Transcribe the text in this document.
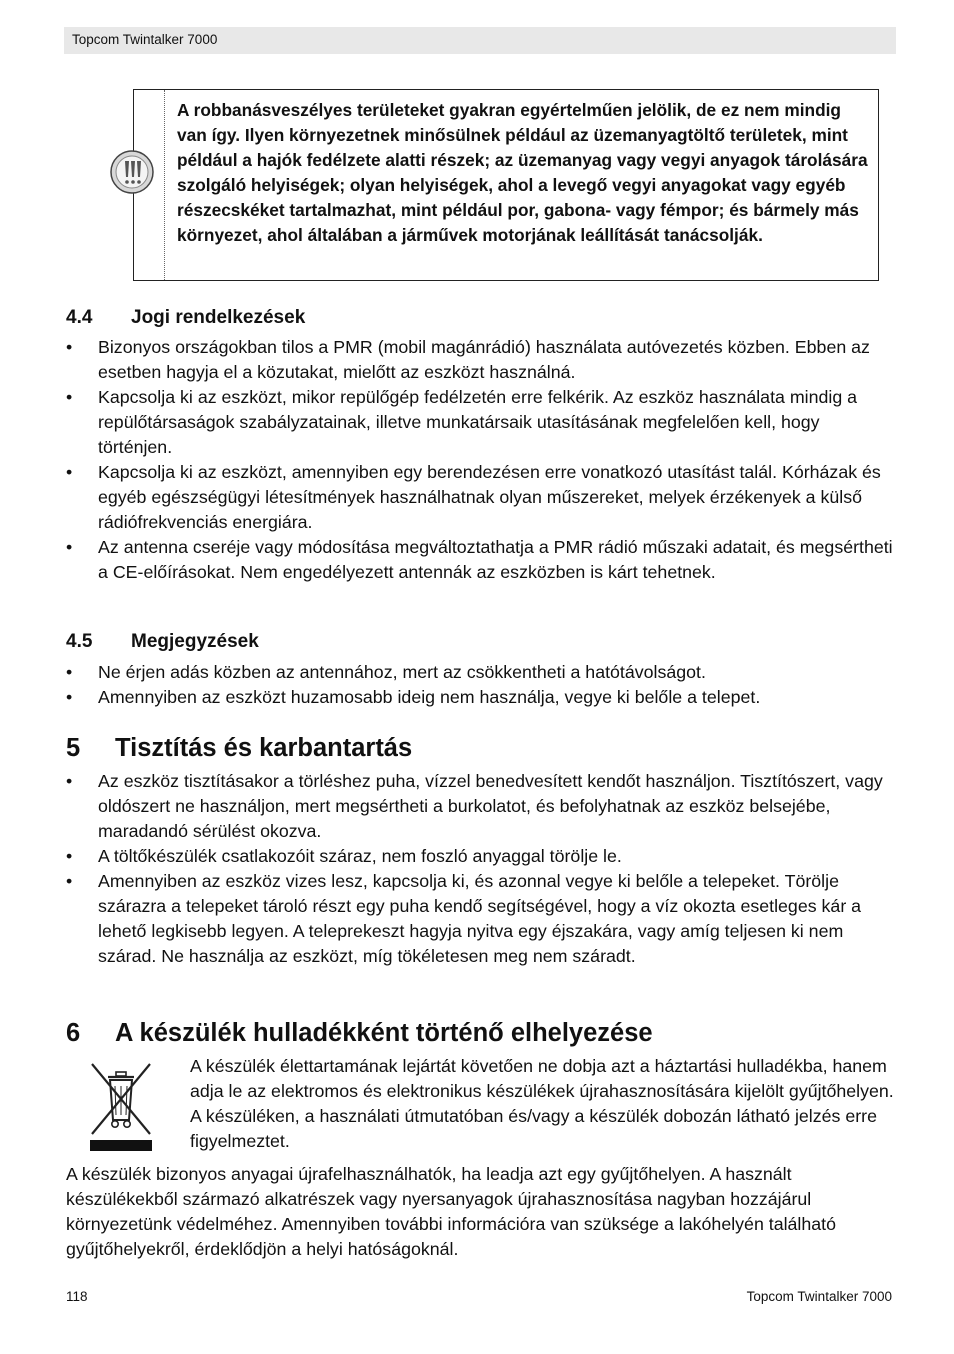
Topcom Twintalker 7000
A robbanásveszélyes területeket gyakran egyértelműen jelölik, de ez nem mindig van így. Ilyen környezetnek minősülnek például az üzemanyagtöltő területek, mint például a hajók fedélzete alatti részek; az üzemanyag vagy vegyi anyagok tárolására szolgáló helyiségek; olyan helyiségek, ahol a levegő vegyi anyagokat vagy egyéb részecskéket tartalmazhat, mint például por, gabona- vagy fémpor; és bármely más környezet, ahol általában a járművek motorjának leállítását tanácsolják.
4.4 Jogi rendelkezések
• Bizonyos országokban tilos a PMR (mobil magánrádió) használata autóvezetés közben. Ebben az esetben hagyja el a közutakat, mielőtt az eszközt használná.
• Kapcsolja ki az eszközt, mikor repülőgép fedélzetén erre felkérik. Az eszköz használata mindig a repülőtársaságok szabályzatainak, illetve munkatársaik utasításának megfelelően kell, hogy történjen.
• Kapcsolja ki az eszközt, amennyiben egy berendezésen erre vonatkozó utasítást talál. Kórházak és egyéb egészségügyi létesítmények használhatnak olyan műszereket, melyek érzékenyek a külső rádiófrekvenciás energiára.
• Az antenna cseréje vagy módosítása megváltoztathatja a PMR rádió műszaki adatait, és megsértheti a CE-előírásokat. Nem engedélyezett antennák az eszközben is kárt tehetnek.
4.5 Megjegyzések
• Ne érjen adás közben az antennához, mert az csökkentheti a hatótávolságot.
• Amennyiben az eszközt huzamosabb ideig nem használja, vegye ki belőle a telepet.
5 Tisztítás és karbantartás
• Az eszköz tisztításakor a törléshez puha, vízzel benedvesített kendőt használjon. Tisztítószert, vagy oldószert ne használjon, mert megsértheti a burkolatot, és befolyhatnak az eszköz belsejébe, maradandó sérülést okozva.
• A töltőkészülék csatlakozóit száraz, nem foszló anyaggal törölje le.
• Amennyiben az eszköz vizes lesz, kapcsolja ki, és azonnal vegye ki belőle a telepeket. Törölje szárazra a telepeket tároló részt egy puha kendő segítségével, hogy a víz okozta esetleges kár a lehető legkisebb legyen. A teleprekeszt hagyja nyitva egy éjszakára, vagy amíg teljesen ki nem szárad. Ne használja az eszközt, míg tökéletesen meg nem száradt.
6 A készülék hulladékként történő elhelyezése

A készülék élettartamának lejártát követően ne dobja azt a háztartási hulladékba, hanem adja le az elektromos és elektronikus készülékek újrahasznosítására kijelölt gyűjtőhelyen. A készüléken, a használati útmutatóban és/vagy a készülék dobozán látható jelzés erre figyelmeztet.

A készülék bizonyos anyagai újrafelhasználhatók, ha leadja azt egy gyűjtőhelyen. A használt készülékekből származó alkatrészek vagy nyersanyagok újrahasznosítása nagyban hozzájárul környezetünk védelméhez. Amennyiben további információra van szüksége a lakóhelyén található gyűjtőhelyekről, érdeklődjön a helyi hatóságoknál.

118	Topcom Twintalker 7000
